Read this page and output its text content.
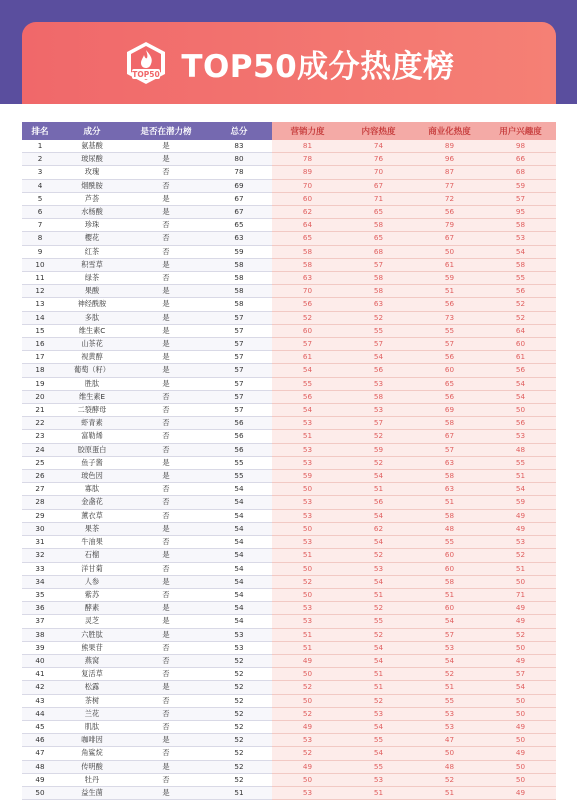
TOP50 TOP50成分热度榜
排名	成分	是否在潜力榜	总分	营销力度	内容热度	商业化热度	用户兴趣度
1	氨基酸	是	83	81	74	89	98
2	玻尿酸	是	80	78	76	96	66
3	玫瑰	否	78	89	70	87	68
4	烟酰胺	否	69	70	67	77	59
5	芦荟	是	67	60	71	72	57
6	水杨酸	是	67	62	65	56	95
7	珍珠	否	65	64	58	79	58
8	樱花	否	63	65	65	67	53
9	红茶	否	59	58	68	50	54
10	积雪草	是	58	58	57	61	58
11	绿茶	否	58	63	58	59	55
12	果酸	是	58	70	58	51	56
13	神经酰胺	是	58	56	63	56	52
14	多肽	是	57	52	52	73	52
15	维生素C	是	57	60	55	55	64
16	山茶花	是	57	57	57	57	60
17	视黄醇	是	57	61	54	56	61
18	葡萄（籽）	是	57	54	56	60	56
19	胜肽	是	57	55	53	65	54
20	维生素E	否	57	56	58	56	54
21	二裂酵母	否	57	54	53	69	50
22	虾青素	否	56	53	57	58	56
23	富勒烯	否	56	51	52	67	53
24	胶原蛋白	否	56	53	59	57	48
25	鱼子酱	是	55	53	52	63	55
26	玻色因	是	55	59	54	58	51
27	寡肽	否	54	50	51	63	54
28	金盏花	否	54	53	56	51	59
29	薰衣草	否	54	53	54	58	49
30	果茶	是	54	50	62	48	49
31	牛油果	否	54	53	54	55	53
32	石榴	是	54	51	52	60	52
33	洋甘菊	否	54	50	53	60	51
34	人参	是	54	52	54	58	50
35	紫苏	否	54	50	51	51	71
36	酵素	是	54	53	52	60	49
37	灵芝	是	54	53	55	54	49
38	六胜肽	是	53	51	52	57	52
39	熊果苷	否	53	51	54	53	50
40	燕窝	否	52	49	54	54	49
41	复活草	否	52	50	51	52	57
42	松露	是	52	52	51	51	54
43	茶树	否	52	50	52	55	50
44	兰花	否	52	52	53	53	50
45	肌肽	否	52	49	54	53	49
46	咖啡因	是	52	53	55	47	50
47	角鲨烷	否	52	52	54	50	49
48	传明酸	是	52	49	55	48	50
49	牡丹	否	52	50	53	52	50
50	益生菌	是	51	53	51	51	49
